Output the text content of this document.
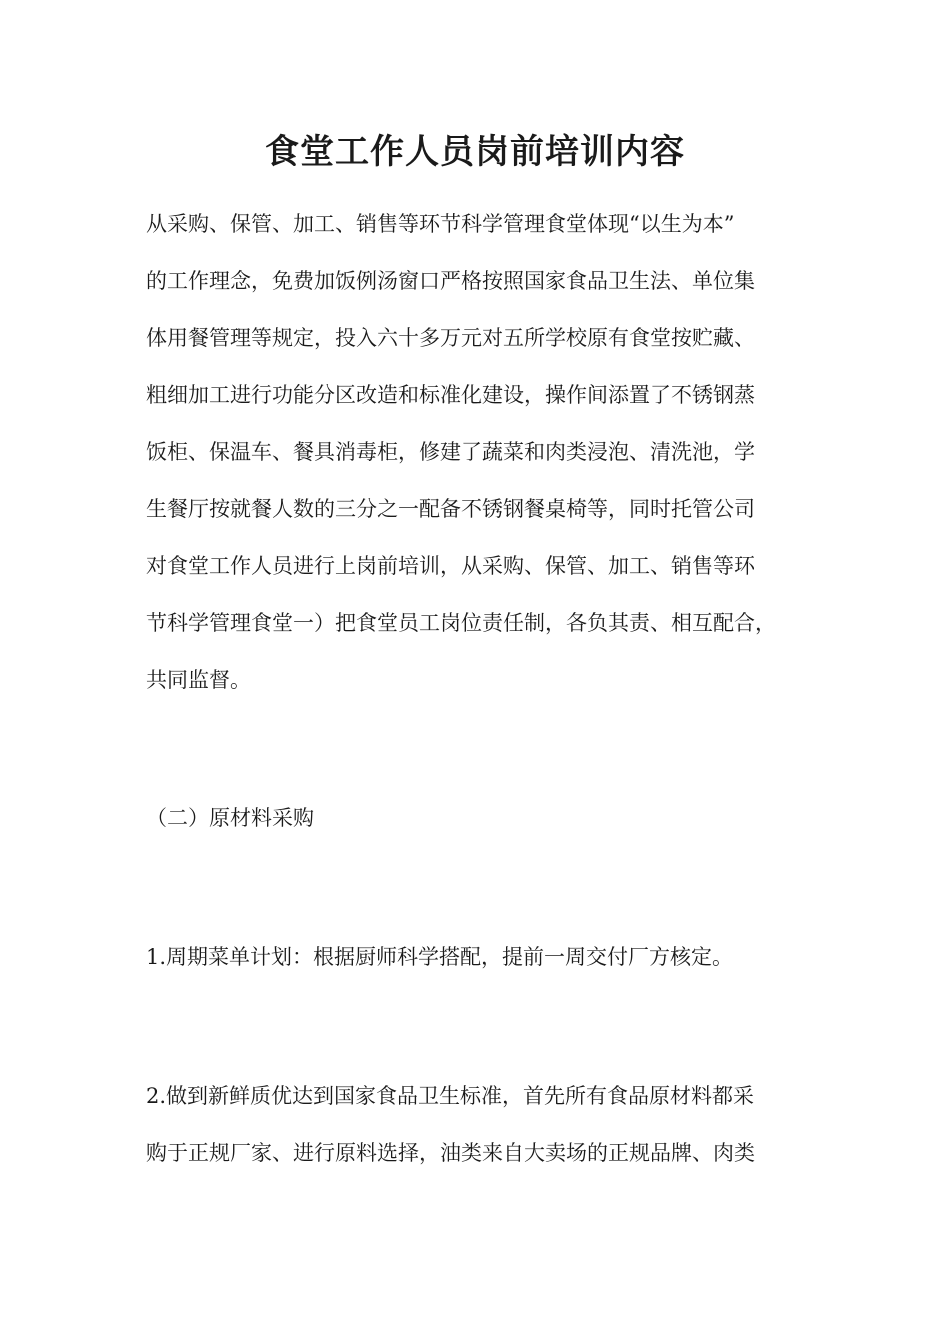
食堂工作人员岗前培训内容

从采购、保管、加工、销售等环节科学管理食堂体现“以生为本”
的工作理念，免费加饭例汤窗口严格按照国家食品卫生法、单位集
体用餐管理等规定，投入六十多万元对五所学校原有食堂按贮藏、
粗细加工进行功能分区改造和标准化建设，操作间添置了不锈钢蒸
饭柜、保温车、餐具消毒柜，修建了蔬菜和肉类浸泡、清洗池，学
生餐厅按就餐人数的三分之一配备不锈钢餐桌椅等，同时托管公司
对食堂工作人员进行上岗前培训，从采购、保管、加工、销售等环
节科学管理食堂一）把食堂员工岗位责任制，各负其责、相互配合，
共同监督。

（二）原材料采购

1.周期菜单计划：根据厨师科学搭配，提前一周交付厂方核定。

2.做到新鲜质优达到国家食品卫生标准，首先所有食品原材料都采
购于正规厂家、进行原料选择，油类来自大卖场的正规品牌、肉类
